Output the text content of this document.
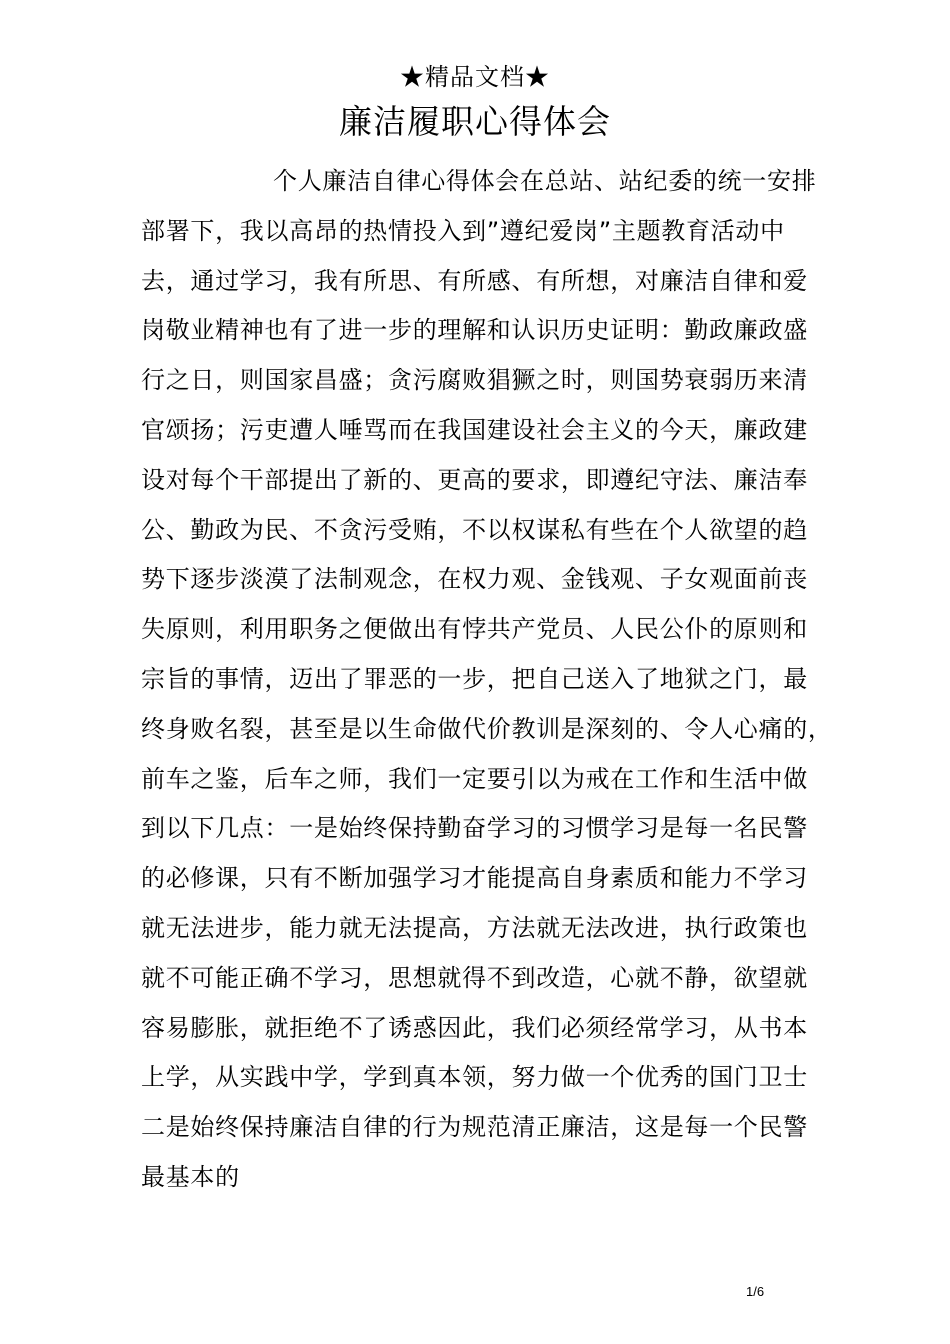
★精品文档★
廉洁履职心得体会
个人廉洁自律心得体会在总站、站纪委的统一安排
部署下，我以高昂的热情投入到”遵纪爱岗”主题教育活动中
去，通过学习，我有所思、有所感、有所想，对廉洁自律和爱
岗敬业精神也有了进一步的理解和认识历史证明：勤政廉政盛
行之日，则国家昌盛；贪污腐败猖獗之时，则国势衰弱历来清
官颂扬；污吏遭人唾骂而在我国建设社会主义的今天，廉政建
设对每个干部提出了新的、更高的要求，即遵纪守法、廉洁奉
公、勤政为民、不贪污受贿，不以权谋私有些在个人欲望的趋
势下逐步淡漠了法制观念，在权力观、金钱观、子女观面前丧
失原则，利用职务之便做出有悖共产党员、人民公仆的原则和
宗旨的事情，迈出了罪恶的一步，把自己送入了地狱之门，最
终身败名裂，甚至是以生命做代价教训是深刻的、令人心痛的，
前车之鉴，后车之师，我们一定要引以为戒在工作和生活中做
到以下几点：一是始终保持勤奋学习的习惯学习是每一名民警
的必修课，只有不断加强学习才能提高自身素质和能力不学习
就无法进步，能力就无法提高，方法就无法改进，执行政策也
就不可能正确不学习，思想就得不到改造，心就不静，欲望就
容易膨胀，就拒绝不了诱惑因此，我们必须经常学习，从书本
上学，从实践中学，学到真本领，努力做一个优秀的国门卫士
二是始终保持廉洁自律的行为规范清正廉洁，这是每一个民警
最基本的
1/6
